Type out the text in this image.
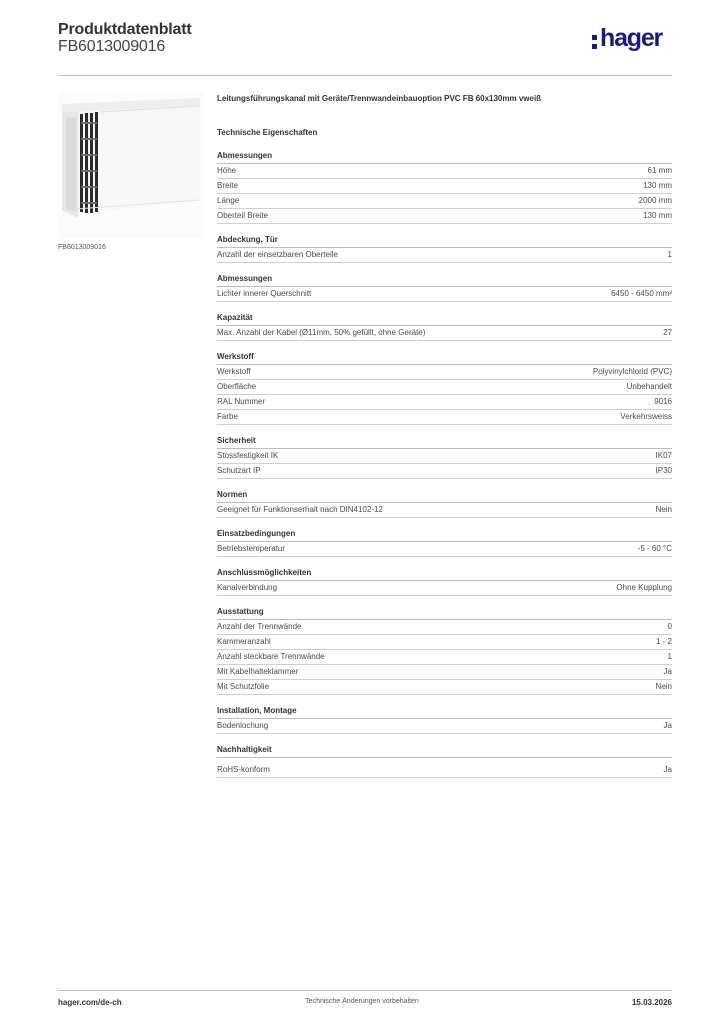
Produktdatenblatt
FB6013009016	hager
FB6013009016
Leitungsführungskanal mit Geräte/Trennwandeinbauoption PVC FB 60x130mm vweiß
Technische Eigenschaften
Abmessungen
Höhe	61 mm
Breite	130 mm
Länge	2000 mm
Oberteil Breite	130 mm
Abdeckung, Tür
Anzahl der einsetzbaren Oberteile	1
Abmessungen
Lichter innerer Querschnitt	6450 - 6450 mm²
Kapazität
Max. Anzahl der Kabel (Ø11mm, 50% gefüllt, ohne Geräte)	27
Werkstoff
Werkstoff	Polyvinylchlorid (PVC)
Oberfläche	Unbehandelt
RAL Nummer	9016
Farbe	Verkehrsweiss
Sicherheit
Stossfestigkeit IK	IK07
Schutzart IP	IP30
Normen
Geeignet für Funktionserhalt nach DIN4102-12	Nein
Einsatzbedingungen
Betriebstemperatur	-5 - 60 °C
Anschlussmöglichkeiten
Kanalverbindung	Ohne Kupplung
Ausstattung
Anzahl der Trennwände	0
Kammeranzahl	1 - 2
Anzahl steckbare Trennwände	1
Mit Kabelhalteklammer	Ja
Mit Schutzfolie	Nein
Installation, Montage
Bodenlochung	Ja
Nachhaltigkeit
RoHS-konform	Ja
hager.com/de-ch	Technische Änderungen vorbehalten	15.03.2026
